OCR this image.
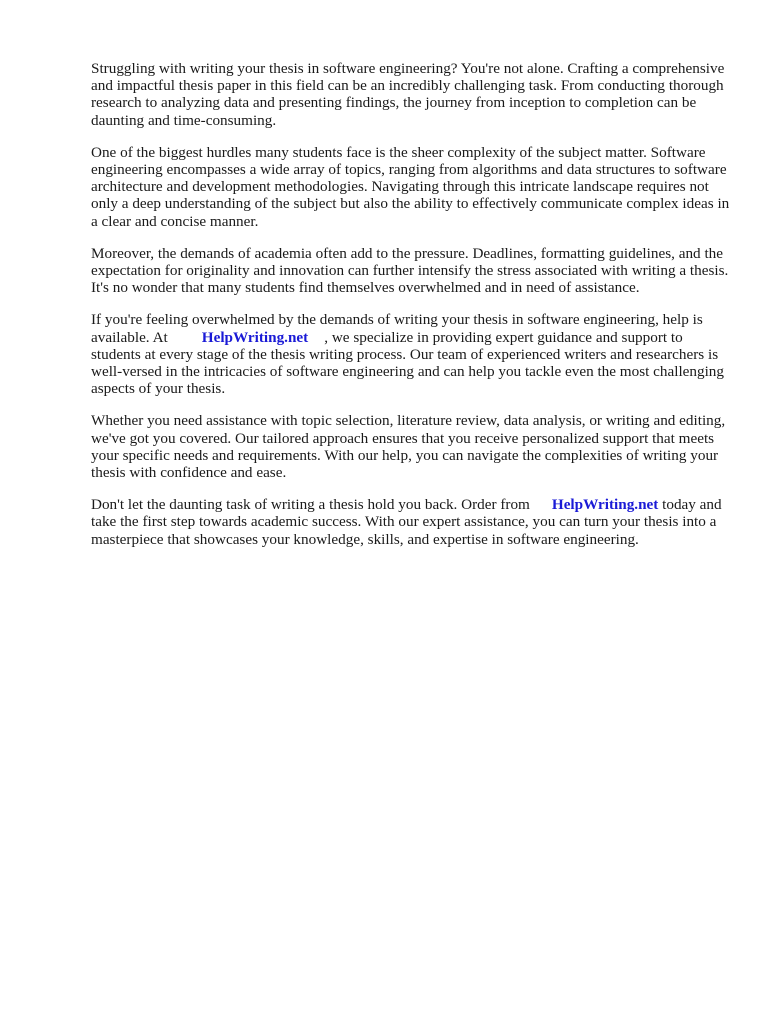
Struggling with writing your thesis in software engineering? You're not alone. Crafting a comprehensive and impactful thesis paper in this field can be an incredibly challenging task. From conducting thorough research to analyzing data and presenting findings, the journey from inception to completion can be daunting and time-consuming.

One of the biggest hurdles many students face is the sheer complexity of the subject matter. Software engineering encompasses a wide array of topics, ranging from algorithms and data structures to software architecture and development methodologies. Navigating through this intricate landscape requires not only a deep understanding of the subject but also the ability to effectively communicate complex ideas in a clear and concise manner.

Moreover, the demands of academia often add to the pressure. Deadlines, formatting guidelines, and the expectation for originality and innovation can further intensify the stress associated with writing a thesis. It's no wonder that many students find themselves overwhelmed and in need of assistance.

If you're feeling overwhelmed by the demands of writing your thesis in software engineering, help is available. At HelpWriting.net , we specialize in providing expert guidance and support to students at every stage of the thesis writing process. Our team of experienced writers and researchers is well-versed in the intricacies of software engineering and can help you tackle even the most challenging aspects of your thesis.

Whether you need assistance with topic selection, literature review, data analysis, or writing and editing, we've got you covered. Our tailored approach ensures that you receive personalized support that meets your specific needs and requirements. With our help, you can navigate the complexities of writing your thesis with confidence and ease.

Don't let the daunting task of writing a thesis hold you back. Order from HelpWriting.net today and take the first step towards academic success. With our expert assistance, you can turn your thesis into a masterpiece that showcases your knowledge, skills, and expertise in software engineering.
